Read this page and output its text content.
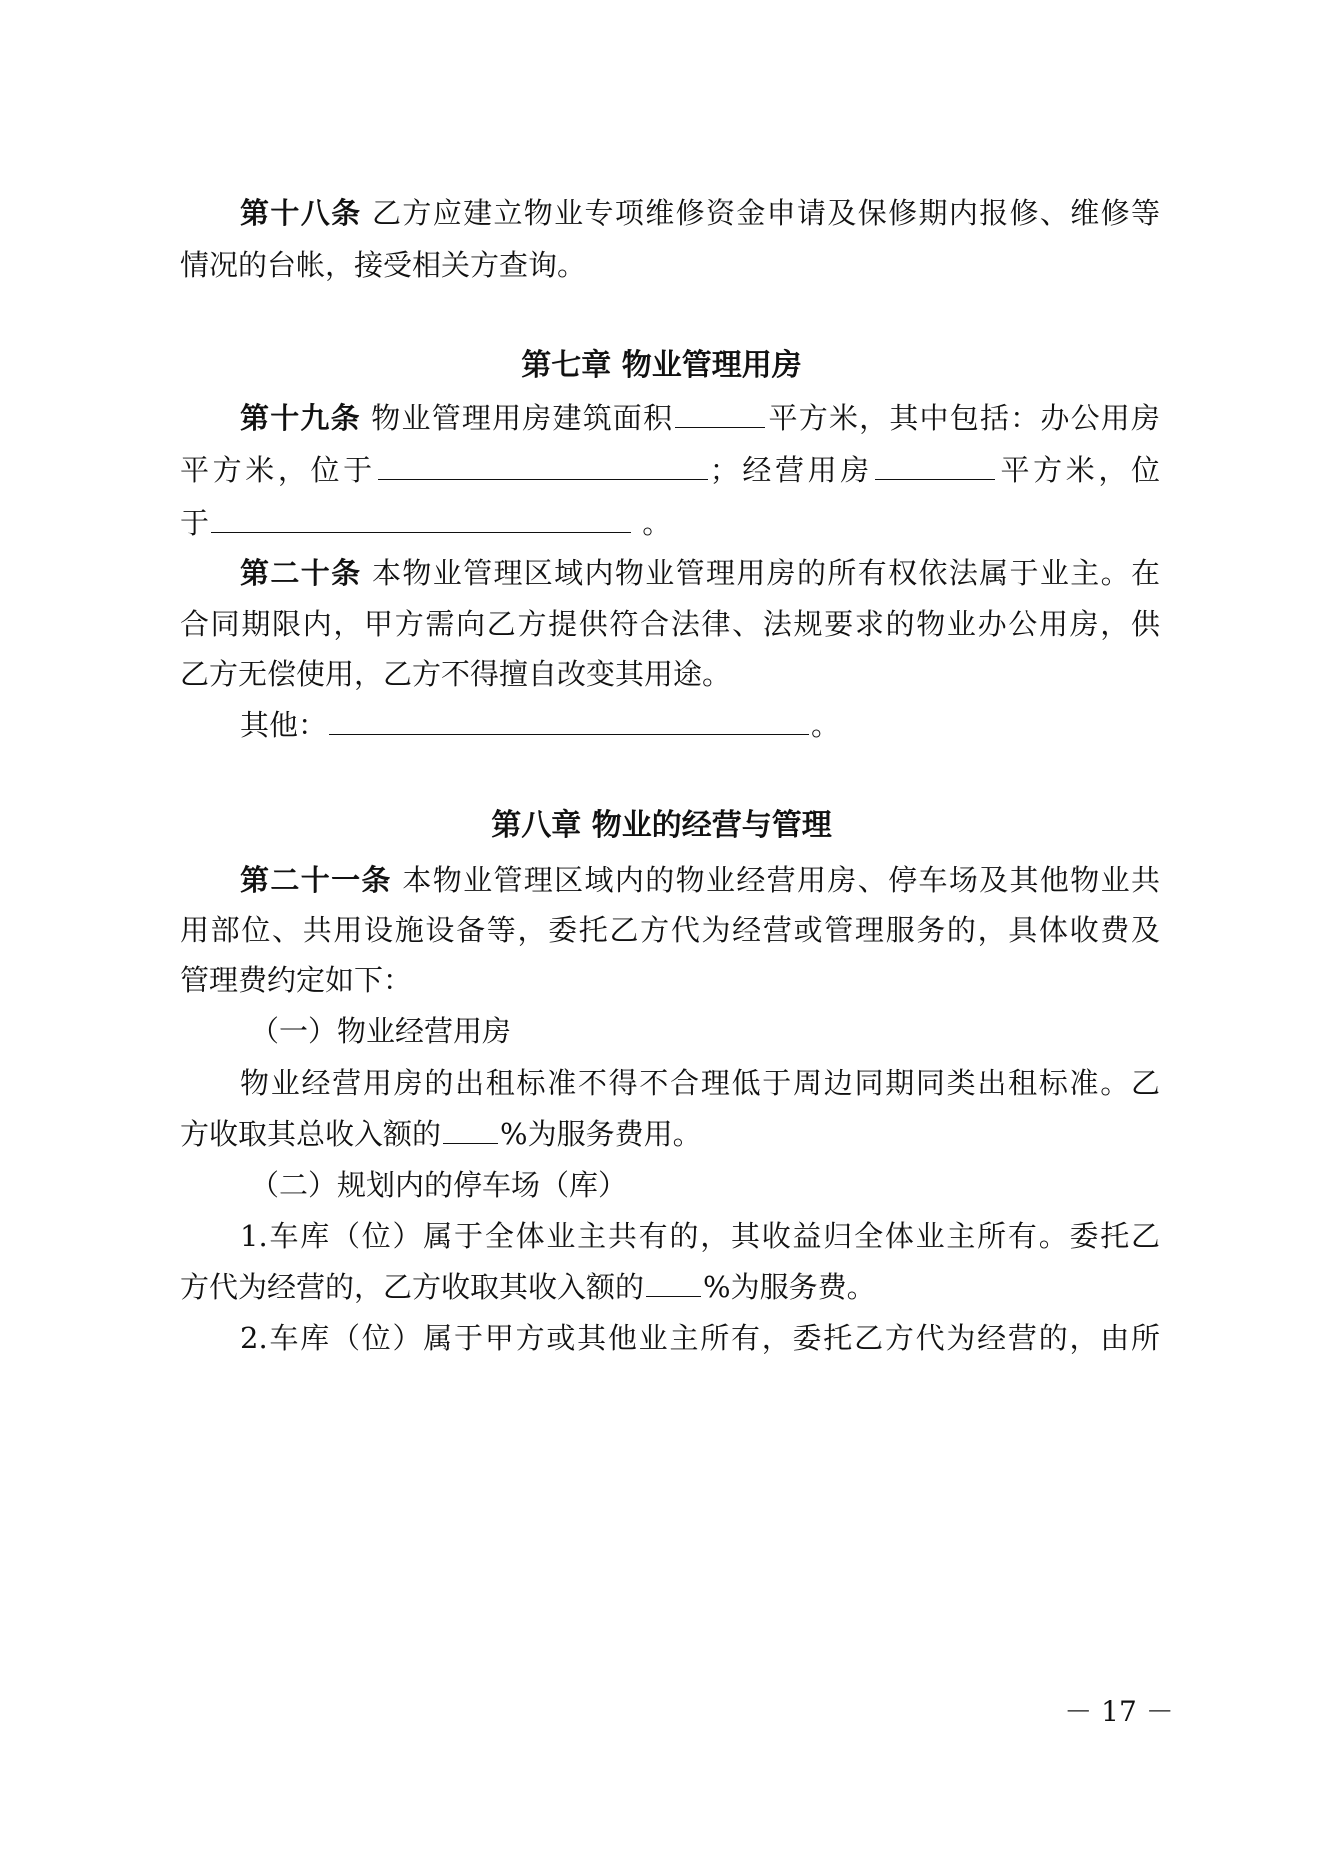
第十八条 乙方应建立物业专项维修资金申请及保修期内报修、维修等
情况的台帐，接受相关方查询。
第七章 物业管理用房
第十九条 物业管理用房建筑面积	平方米，其中包括：办公用房
平方米，位于	；经营用房	平方米，位
于	。
第二十条 本物业管理区域内物业管理用房的所有权依法属于业主。在
合同期限内，甲方需向乙方提供符合法律、法规要求的物业办公用房，供
乙方无偿使用，乙方不得擅自改变其用途。
其他：	。
第八章 物业的经营与管理
第二十一条 本物业管理区域内的物业经营用房、停车场及其他物业共
用部位、共用设施设备等，委托乙方代为经营或管理服务的，具体收费及
管理费约定如下：
（一）物业经营用房
物业经营用房的出租标准不得不合理低于周边同期同类出租标准。乙
方收取其总收入额的 %为服务费用。
（二）规划内的停车场（库）
1.车库（位）属于全体业主共有的，其收益归全体业主所有。委托乙
方代为经营的，乙方收取其收入额的 %为服务费。
2.车库（位）属于甲方或其他业主所有，委托乙方代为经营的，由所
－ 17 －
